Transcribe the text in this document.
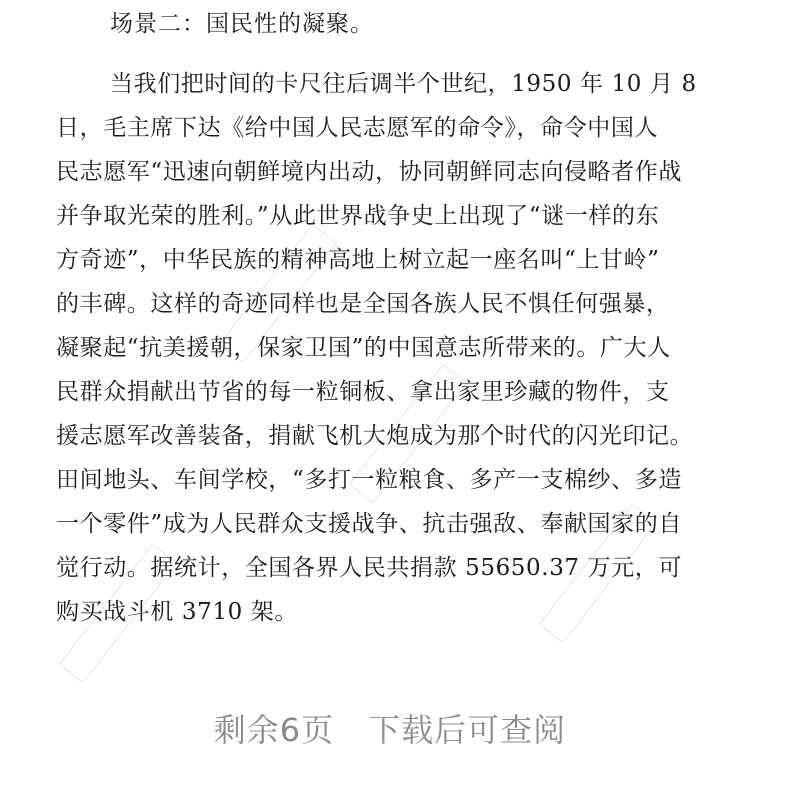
场景二：国民性的凝聚。
当我们把时间的卡尺往后调半个世纪，1950 年 10 月 8
日，毛主席下达《给中国人民志愿军的命令》，命令中国人
民志愿军“迅速向朝鲜境内出动，协同朝鲜同志向侵略者作战
并争取光荣的胜利。”从此世界战争史上出现了“谜一样的东
方奇迹”，中华民族的精神高地上树立起一座名叫“上甘岭”
的丰碑。这样的奇迹同样也是全国各族人民不惧任何强暴，
凝聚起“抗美援朝，保家卫国”的中国意志所带来的。广大人
民群众捐献出节省的每一粒铜板、拿出家里珍藏的物件，支
援志愿军改善装备，捐献飞机大炮成为那个时代的闪光印记。
田间地头、车间学校，“多打一粒粮食、多产一支棉纱、多造
一个零件”成为人民群众支援战争、抗击强敌、奉献国家的自
觉行动。据统计，全国各界人民共捐款 55650.37 万元，可
购买战斗机 3710 架。
剩余6页 下载后可查阅
